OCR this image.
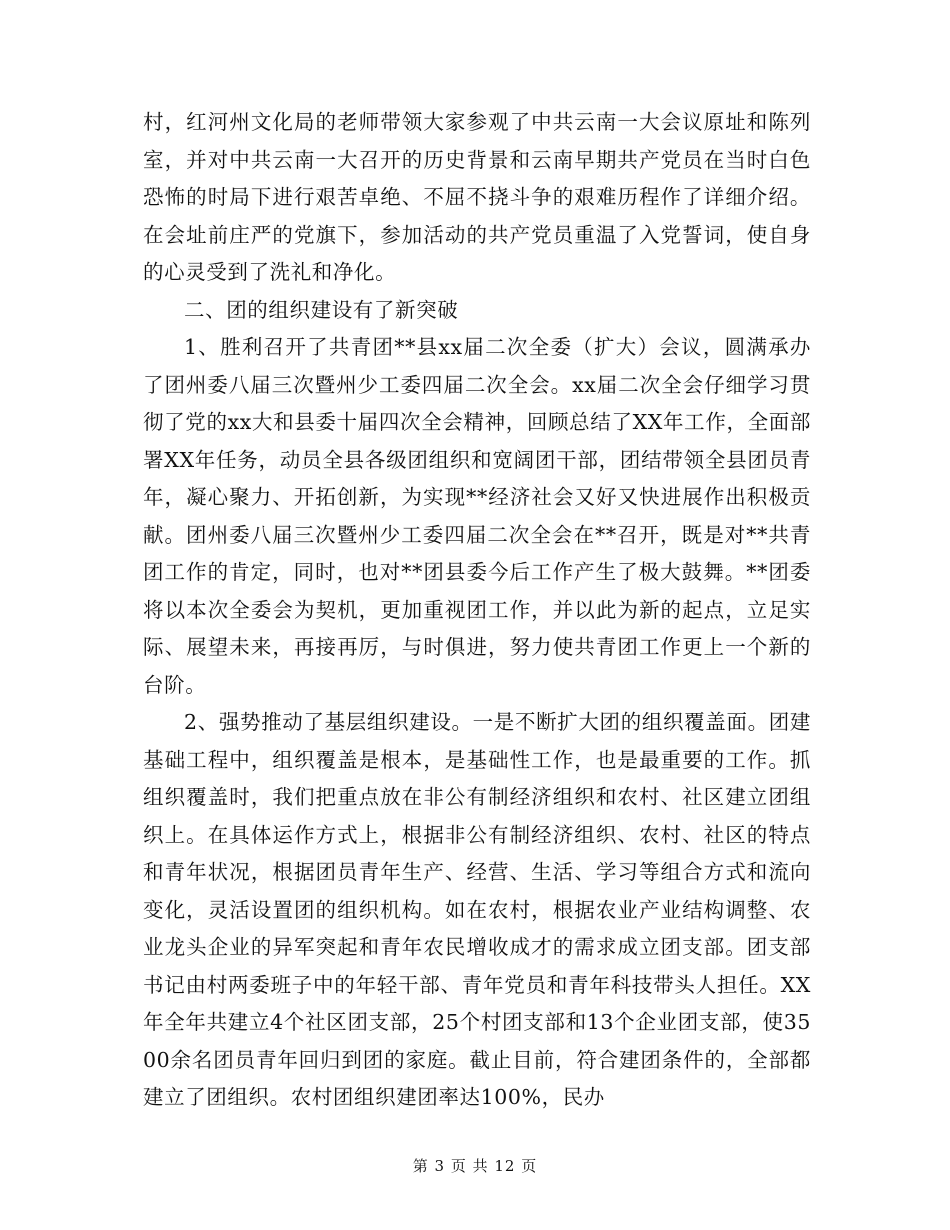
村，红河州文化局的老师带领大家参观了中共云南一大会议原址和陈列室，并对中共云南一大召开的历史背景和云南早期共产党员在当时白色恐怖的时局下进行艰苦卓绝、不屈不挠斗争的艰难历程作了详细介绍。在会址前庄严的党旗下，参加活动的共产党员重温了入党誓词，使自身的心灵受到了洗礼和净化。

二、团的组织建设有了新突破

1、胜利召开了共青团**县xx届二次全委（扩大）会议，圆满承办了团州委八届三次暨州少工委四届二次全会。xx届二次全会仔细学习贯彻了党的xx大和县委十届四次全会精神，回顾总结了XX年工作，全面部署XX年任务，动员全县各级团组织和宽阔团干部，团结带领全县团员青年，凝心聚力、开拓创新，为实现**经济社会又好又快进展作出积极贡献。团州委八届三次暨州少工委四届二次全会在**召开，既是对**共青团工作的肯定，同时，也对**团县委今后工作产生了极大鼓舞。**团委将以本次全委会为契机，更加重视团工作，并以此为新的起点，立足实际、展望未来，再接再厉，与时俱进，努力使共青团工作更上一个新的台阶。

2、强势推动了基层组织建设。一是不断扩大团的组织覆盖面。团建基础工程中，组织覆盖是根本，是基础性工作，也是最重要的工作。抓组织覆盖时，我们把重点放在非公有制经济组织和农村、社区建立团组织上。在具体运作方式上，根据非公有制经济组织、农村、社区的特点和青年状况，根据团员青年生产、经营、生活、学习等组合方式和流向变化，灵活设置团的组织机构。如在农村，根据农业产业结构调整、农业龙头企业的异军突起和青年农民增收成才的需求成立团支部。团支部书记由村两委班子中的年轻干部、青年党员和青年科技带头人担任。XX年全年共建立4个社区团支部，25个村团支部和13个企业团支部，使3500余名团员青年回归到团的家庭。截止目前，符合建团条件的，全部都建立了团组织。农村团组织建团率达100%，民办

第 3 页 共 12 页
